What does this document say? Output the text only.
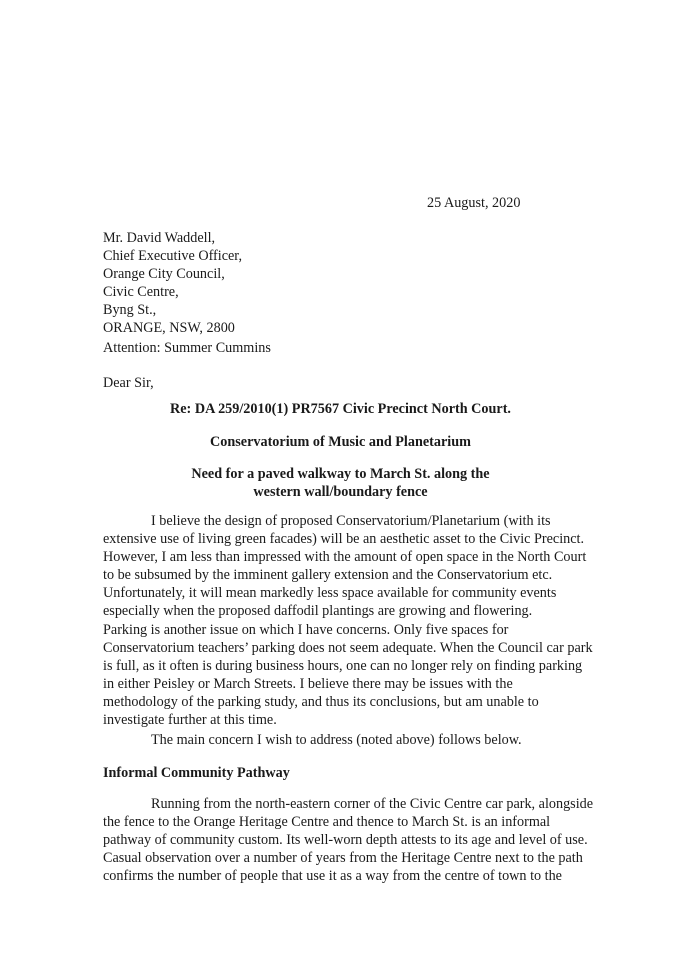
25 August, 2020
Mr. David Waddell,
Chief Executive Officer,
Orange City Council,
Civic Centre,
Byng St.,
ORANGE, NSW, 2800
Attention: Summer Cummins
Dear Sir,
Re: DA 259/2010(1) PR7567 Civic Precinct North Court.
Conservatorium of Music and Planetarium
Need for a paved walkway to March St. along the
western wall/boundary fence
I believe the design of proposed Conservatorium/Planetarium (with its
extensive use of living green facades) will be an aesthetic asset to the Civic Precinct.
However, I am less than impressed with the amount of open space in the North Court
to be subsumed by the imminent gallery extension and the Conservatorium etc.
Unfortunately, it will mean markedly less space available for community events
especially when the proposed daffodil plantings are growing and flowering.
Parking is another issue on which I have concerns. Only five spaces for
Conservatorium teachers’ parking does not seem adequate. When the Council car park
is full, as it often is during business hours, one can no longer rely on finding parking
in either Peisley or March Streets. I believe there may be issues with the
methodology of the parking study, and thus its conclusions, but am unable to
investigate further at this time.
The main concern I wish to address (noted above) follows below.
Informal Community Pathway
Running from the north-eastern corner of the Civic Centre car park, alongside
the fence to the Orange Heritage Centre and thence to March St. is an informal
pathway of community custom. Its well-worn depth attests to its age and level of use.
Casual observation over a number of years from the Heritage Centre next to the path
confirms the number of people that use it as a way from the centre of town to the
